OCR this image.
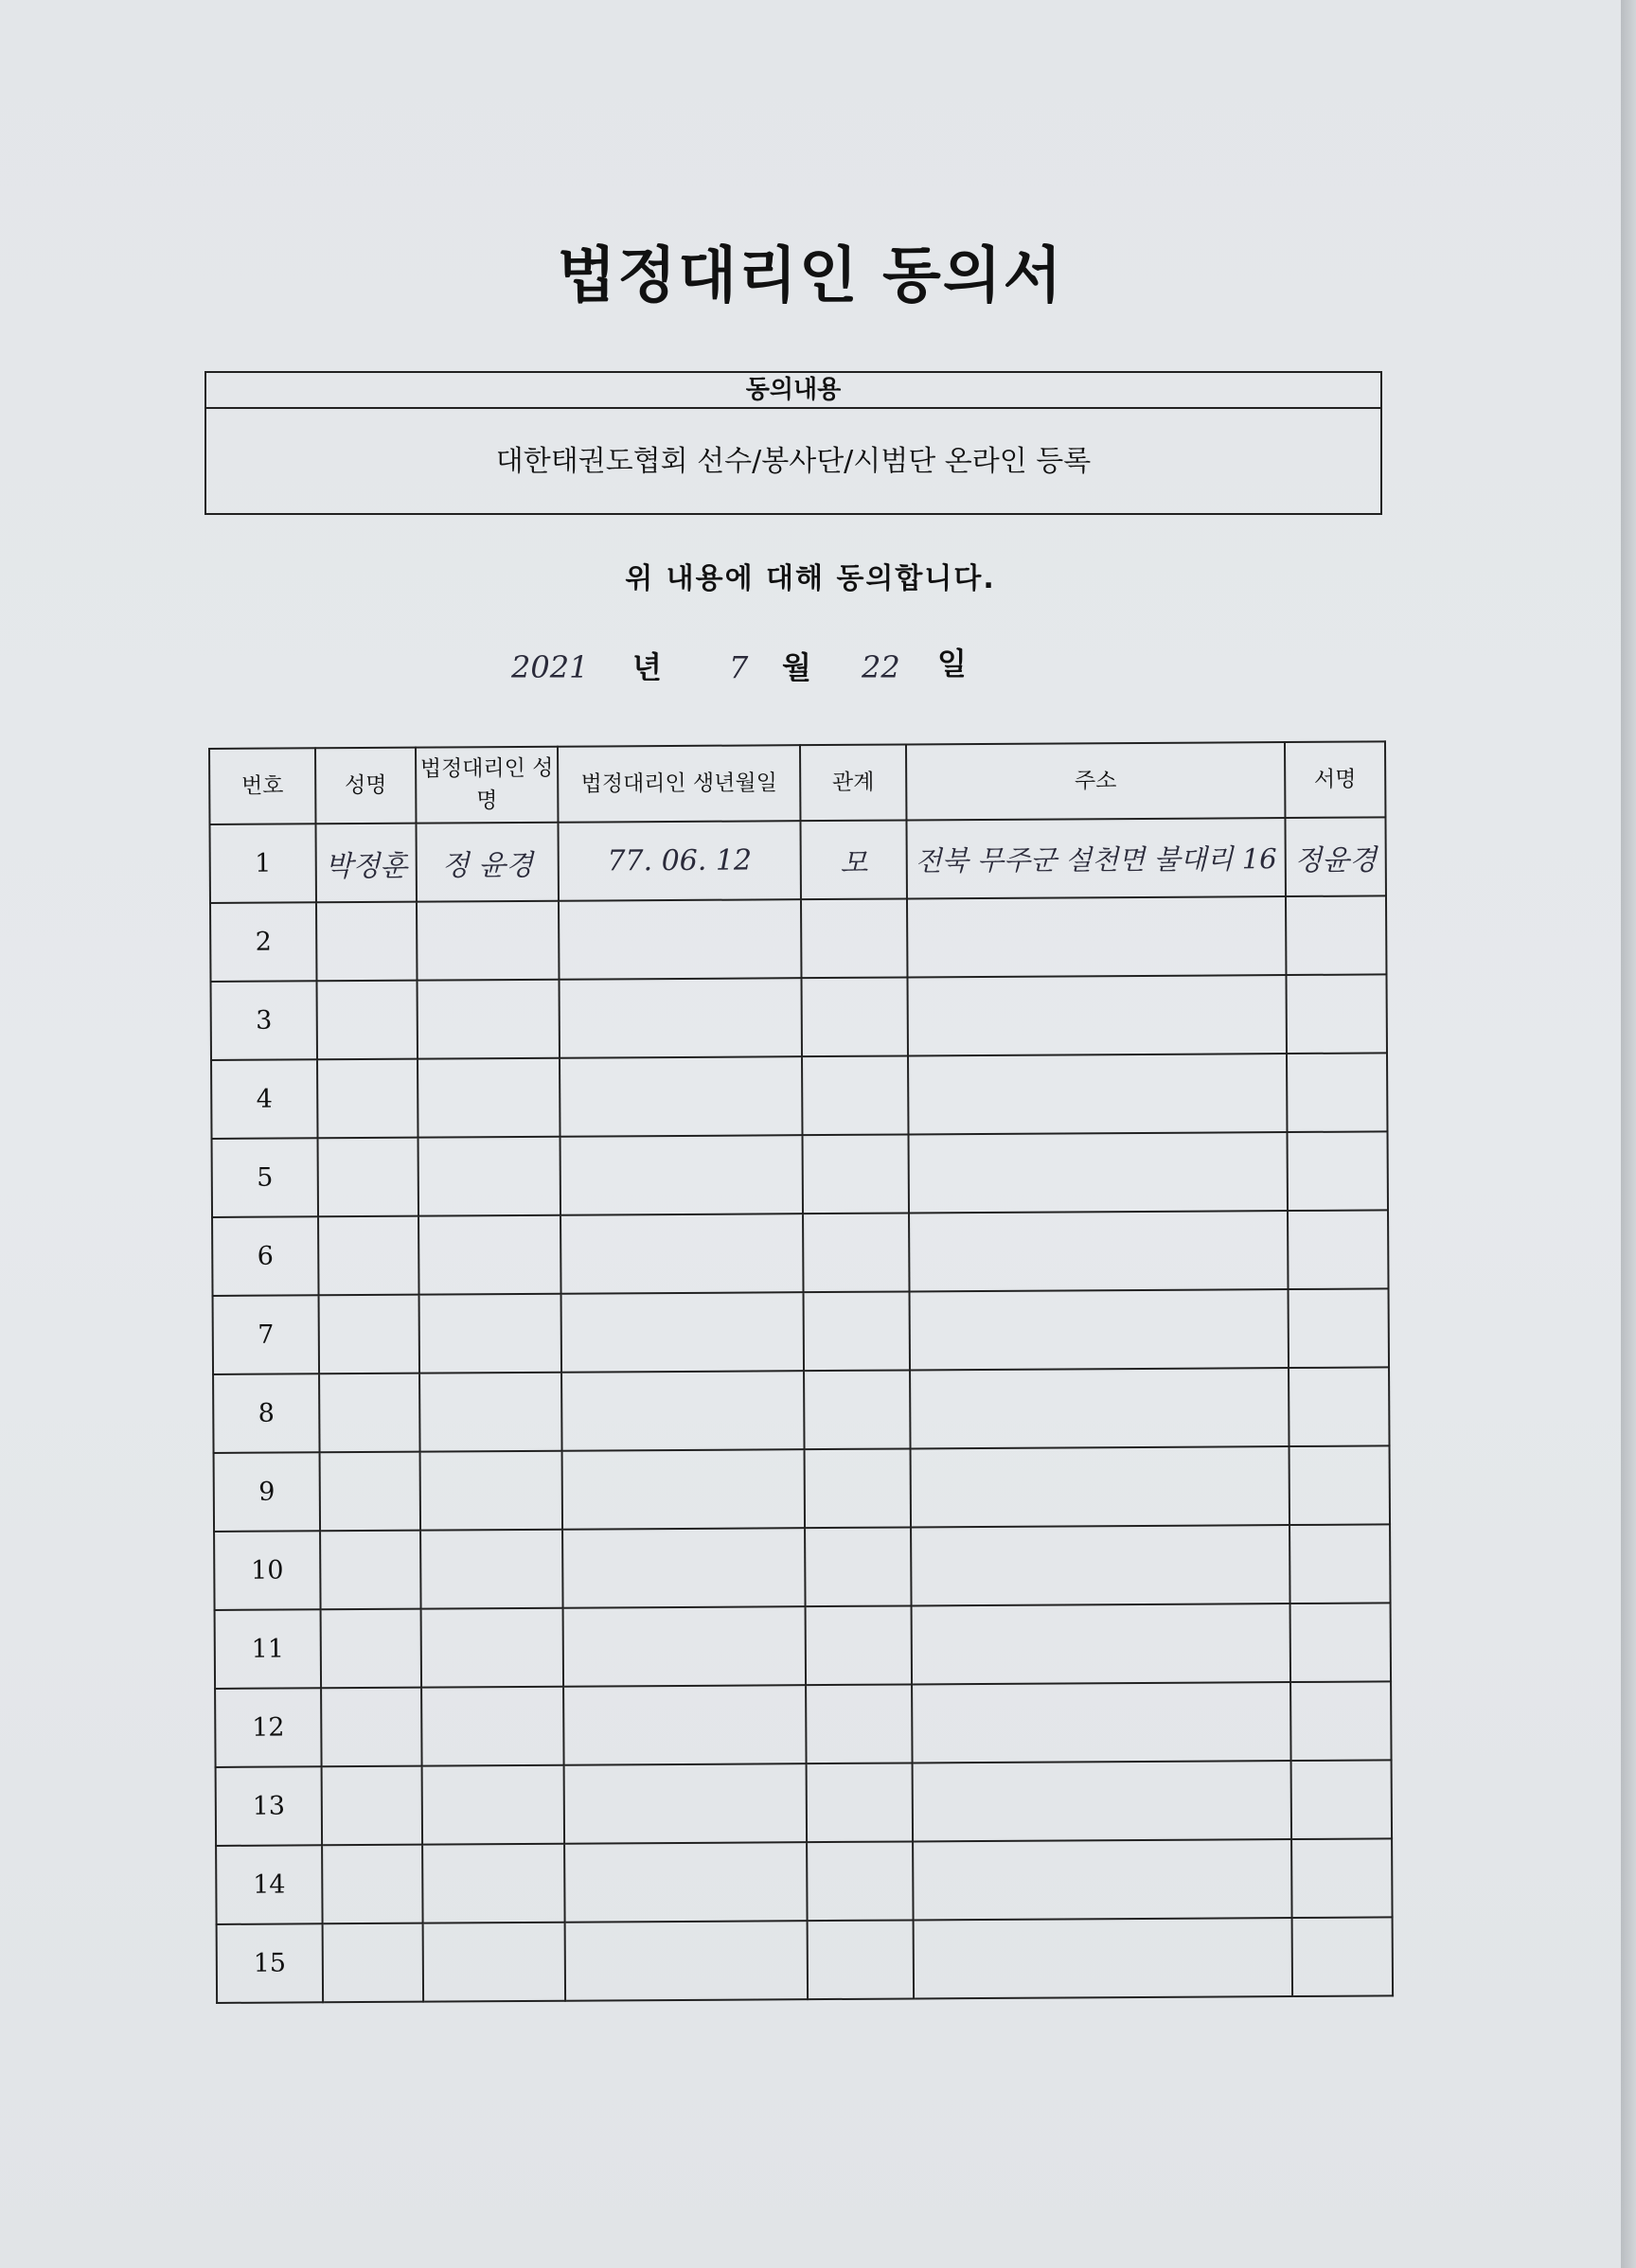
법정대리인 동의서
동의내용
대한태권도협회 선수/봉사단/시범단 온라인 등록
위 내용에 대해 동의합니다.
2021 년 7 월 22 일
번호	성명	법정대리인 성명	법정대리인 생년월일	관계	주소	서명
1	박정훈	정 윤경	77. 06. 12	모	전북 무주군 설천면 불대리 16	정윤경
2						
3						
4						
5						
6						
7						
8						
9						
10						
11						
12						
13						
14						
15						
